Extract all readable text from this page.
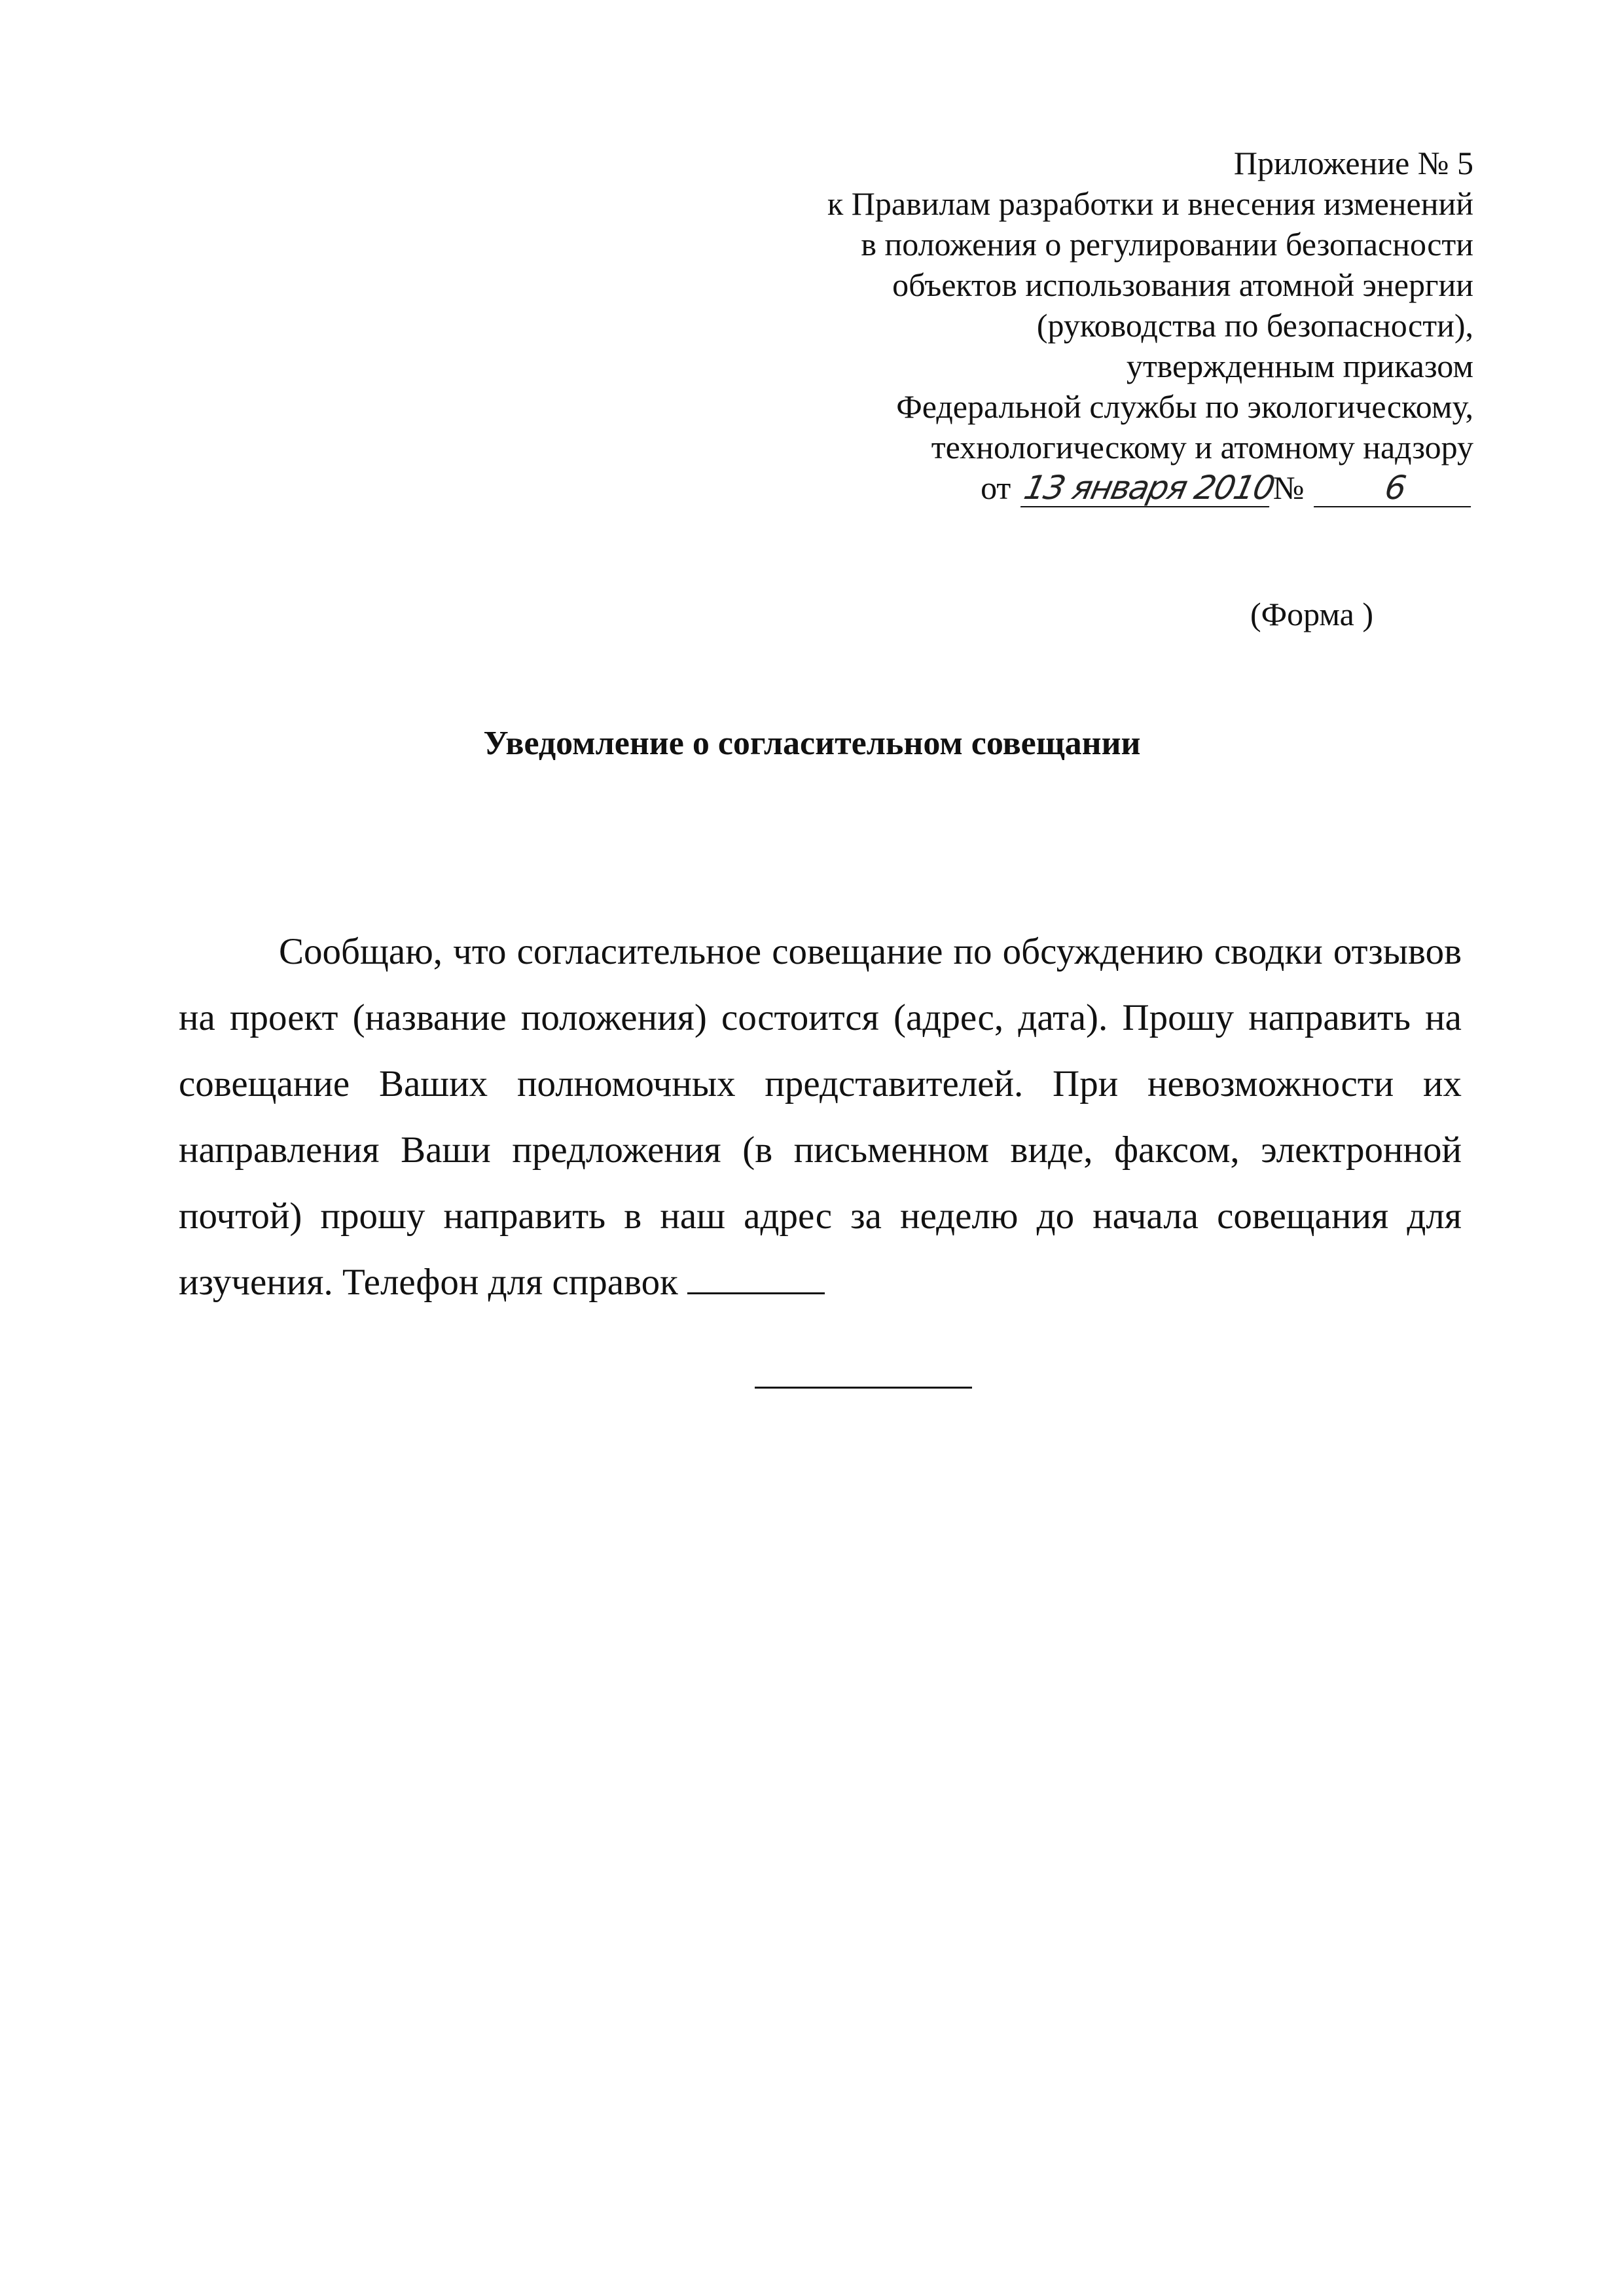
Приложение № 5
к Правилам разработки и внесения изменений
в положения о регулировании безопасности
объектов использования атомной энергии
(руководства по безопасности),
утвержденным приказом
Федеральной службы по экологическому,
технологическому и атомному надзору
от 13 января 2010№ 6
(Форма )
Уведомление о согласительном совещании

Сообщаю, что согласительное совещание по обсуждению сводки отзывов на проект (название положения) состоится (адрес, дата). Прошу направить на совещание Ваших полномочных представителей. При невозможности их направления Ваши предложения (в письменном виде, факсом, электронной почтой) прошу направить в наш адрес за неделю до начала совещания для изучения. Телефон для справок
